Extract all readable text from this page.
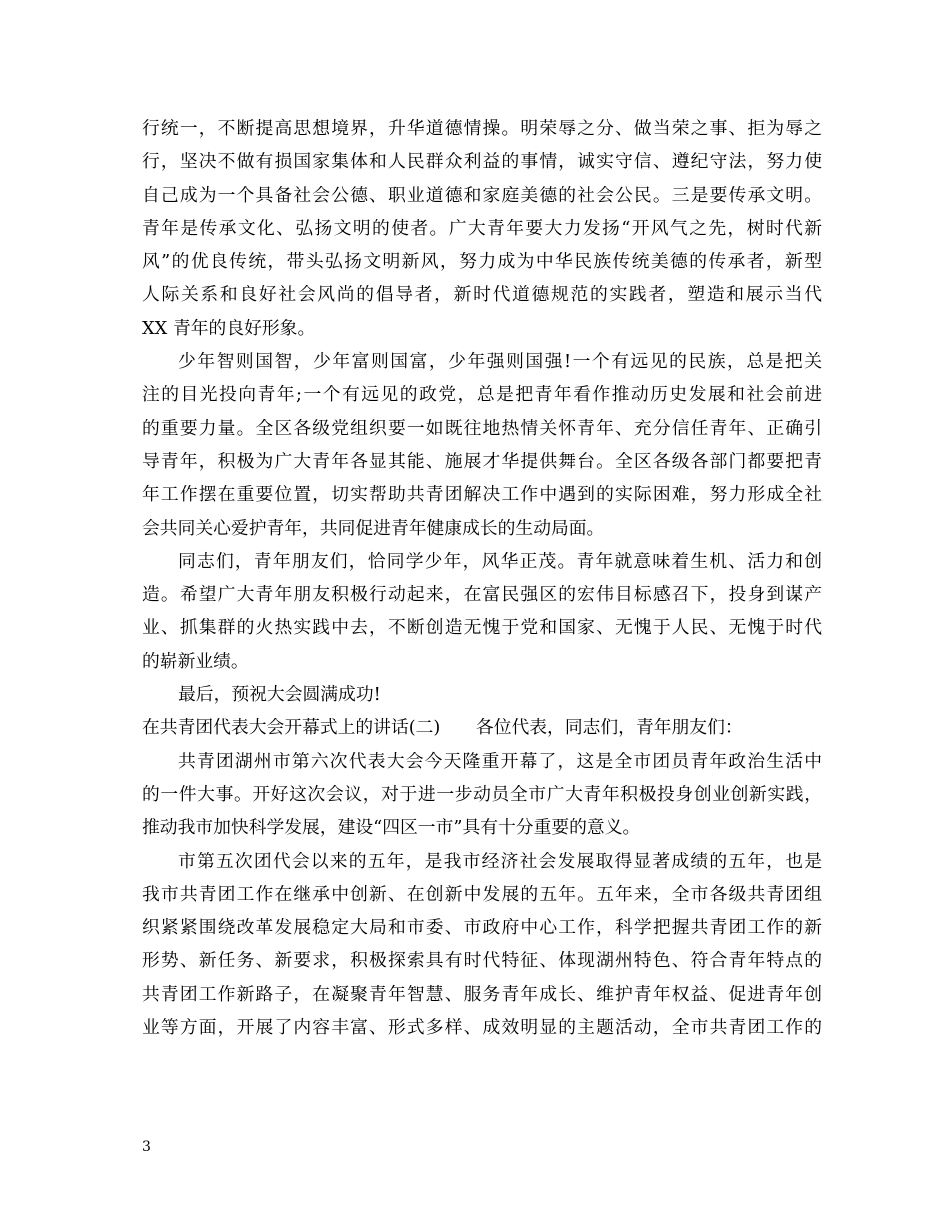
行统一，不断提高思想境界，升华道德情操。明荣辱之分、做当荣之事、拒为辱之
行，坚决不做有损国家集体和人民群众利益的事情，诚实守信、遵纪守法，努力使
自己成为一个具备社会公德、职业道德和家庭美德的社会公民。三是要传承文明。
青年是传承文化、弘扬文明的使者。广大青年要大力发扬“开风气之先，树时代新
风”的优良传统，带头弘扬文明新风，努力成为中华民族传统美德的传承者，新型
人际关系和良好社会风尚的倡导者，新时代道德规范的实践者，塑造和展示当代
XX 青年的良好形象。
少年智则国智，少年富则国富，少年强则国强!一个有远见的民族，总是把关
注的目光投向青年;一个有远见的政党，总是把青年看作推动历史发展和社会前进
的重要力量。全区各级党组织要一如既往地热情关怀青年、充分信任青年、正确引
导青年，积极为广大青年各显其能、施展才华提供舞台。全区各级各部门都要把青
年工作摆在重要位置，切实帮助共青团解决工作中遇到的实际困难，努力形成全社
会共同关心爱护青年，共同促进青年健康成长的生动局面。
同志们，青年朋友们，恰同学少年，风华正茂。青年就意味着生机、活力和创
造。希望广大青年朋友积极行动起来，在富民强区的宏伟目标感召下，投身到谋产
业、抓集群的火热实践中去，不断创造无愧于党和国家、无愧于人民、无愧于时代
的崭新业绩。
最后，预祝大会圆满成功!
在共青团代表大会开幕式上的讲话(二)　　各位代表，同志们，青年朋友们：
共青团湖州市第六次代表大会今天隆重开幕了，这是全市团员青年政治生活中
的一件大事。开好这次会议，对于进一步动员全市广大青年积极投身创业创新实践，
推动我市加快科学发展，建设“四区一市”具有十分重要的意义。
市第五次团代会以来的五年，是我市经济社会发展取得显著成绩的五年，也是
我市共青团工作在继承中创新、在创新中发展的五年。五年来，全市各级共青团组
织紧紧围绕改革发展稳定大局和市委、市政府中心工作，科学把握共青团工作的新
形势、新任务、新要求，积极探索具有时代特征、体现湖州特色、符合青年特点的
共青团工作新路子，在凝聚青年智慧、服务青年成长、维护青年权益、促进青年创
业等方面，开展了内容丰富、形式多样、成效明显的主题活动，全市共青团工作的
3
